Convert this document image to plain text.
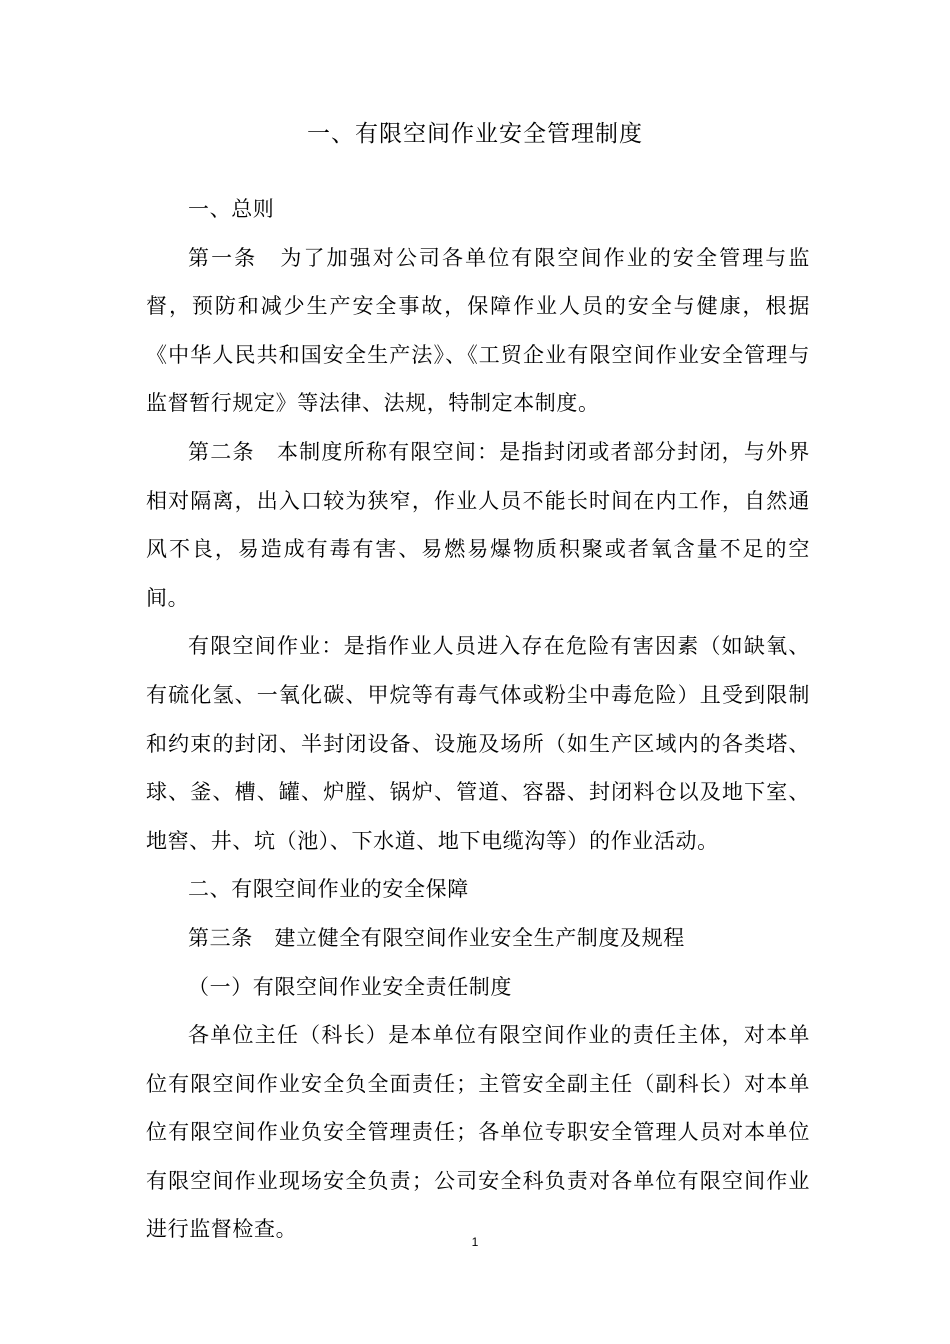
一、有限空间作业安全管理制度

一、总则

第一条　为了加强对公司各单位有限空间作业的安全管理与监督，预防和减少生产安全事故，保障作业人员的安全与健康，根据《中华人民共和国安全生产法》、《工贸企业有限空间作业安全管理与监督暂行规定》等法律、法规，特制定本制度。

第二条　本制度所称有限空间：是指封闭或者部分封闭，与外界相对隔离，出入口较为狭窄，作业人员不能长时间在内工作，自然通风不良，易造成有毒有害、易燃易爆物质积聚或者氧含量不足的空间。

有限空间作业：是指作业人员进入存在危险有害因素（如缺氧、有硫化氢、一氧化碳、甲烷等有毒气体或粉尘中毒危险）且受到限制和约束的封闭、半封闭设备、设施及场所（如生产区域内的各类塔、球、釜、槽、罐、炉膛、锅炉、管道、容器、封闭料仓以及地下室、地窖、井、坑（池）、下水道、地下电缆沟等）的作业活动。

二、有限空间作业的安全保障

第三条　建立健全有限空间作业安全生产制度及规程

（一）有限空间作业安全责任制度

各单位主任（科长）是本单位有限空间作业的责任主体，对本单位有限空间作业安全负全面责任；主管安全副主任（副科长）对本单位有限空间作业负安全管理责任；各单位专职安全管理人员对本单位有限空间作业现场安全负责；公司安全科负责对各单位有限空间作业进行监督检查。

1
